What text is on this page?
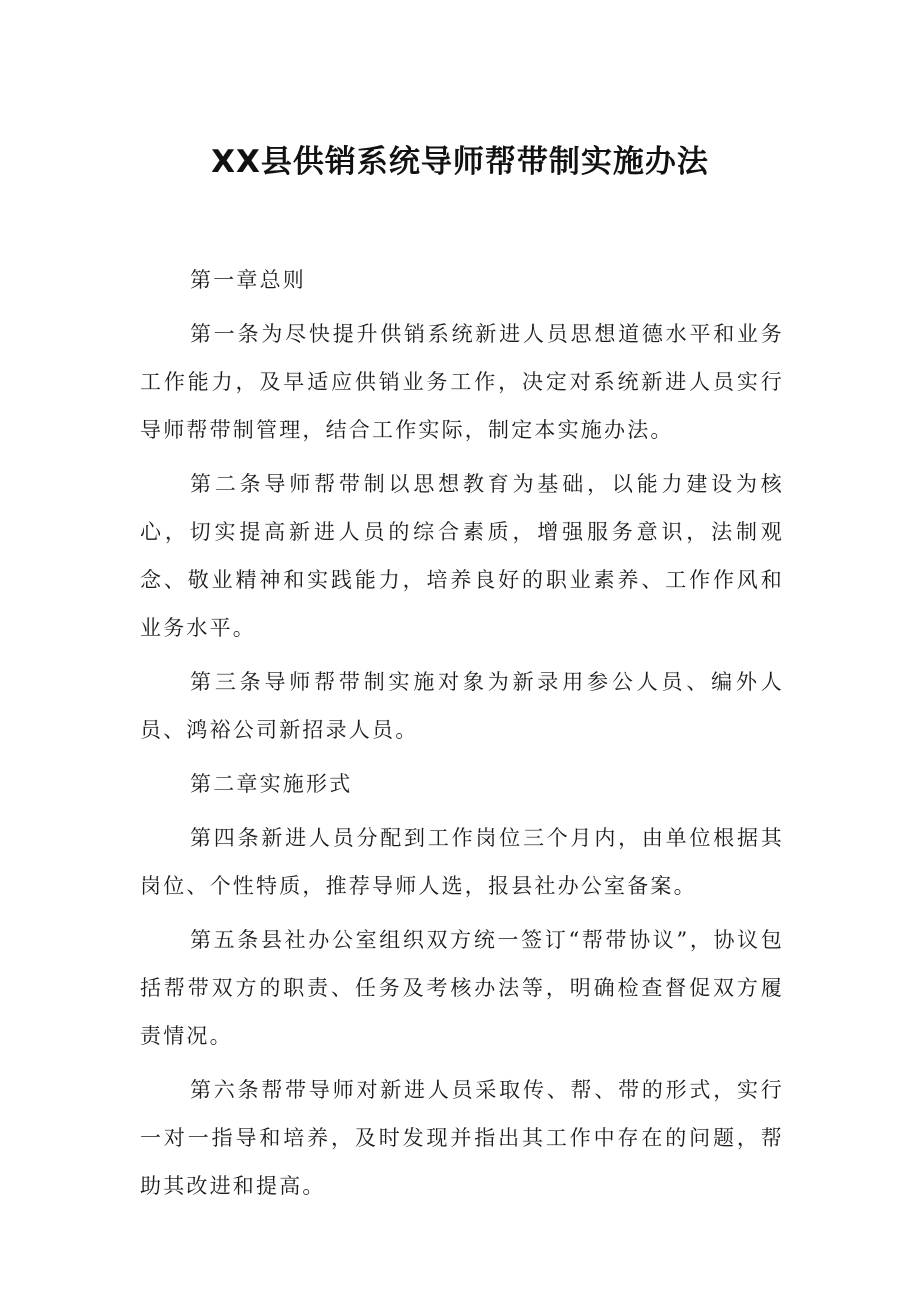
XX县供销系统导师帮带制实施办法

第一章总则

第一条为尽快提升供销系统新进人员思想道德水平和业务工作能力，及早适应供销业务工作，决定对系统新进人员实行导师帮带制管理，结合工作实际，制定本实施办法。

第二条导师帮带制以思想教育为基础，以能力建设为核心，切实提高新进人员的综合素质，增强服务意识，法制观念、敬业精神和实践能力，培养良好的职业素养、工作作风和业务水平。

第三条导师帮带制实施对象为新录用参公人员、编外人员、鸿裕公司新招录人员。

第二章实施形式

第四条新进人员分配到工作岗位三个月内，由单位根据其岗位、个性特质，推荐导师人选，报县社办公室备案。

第五条县社办公室组织双方统一签订“帮带协议”，协议包括帮带双方的职责、任务及考核办法等，明确检查督促双方履责情况。

第六条帮带导师对新进人员采取传、帮、带的形式，实行一对一指导和培养，及时发现并指出其工作中存在的问题，帮助其改进和提高。
